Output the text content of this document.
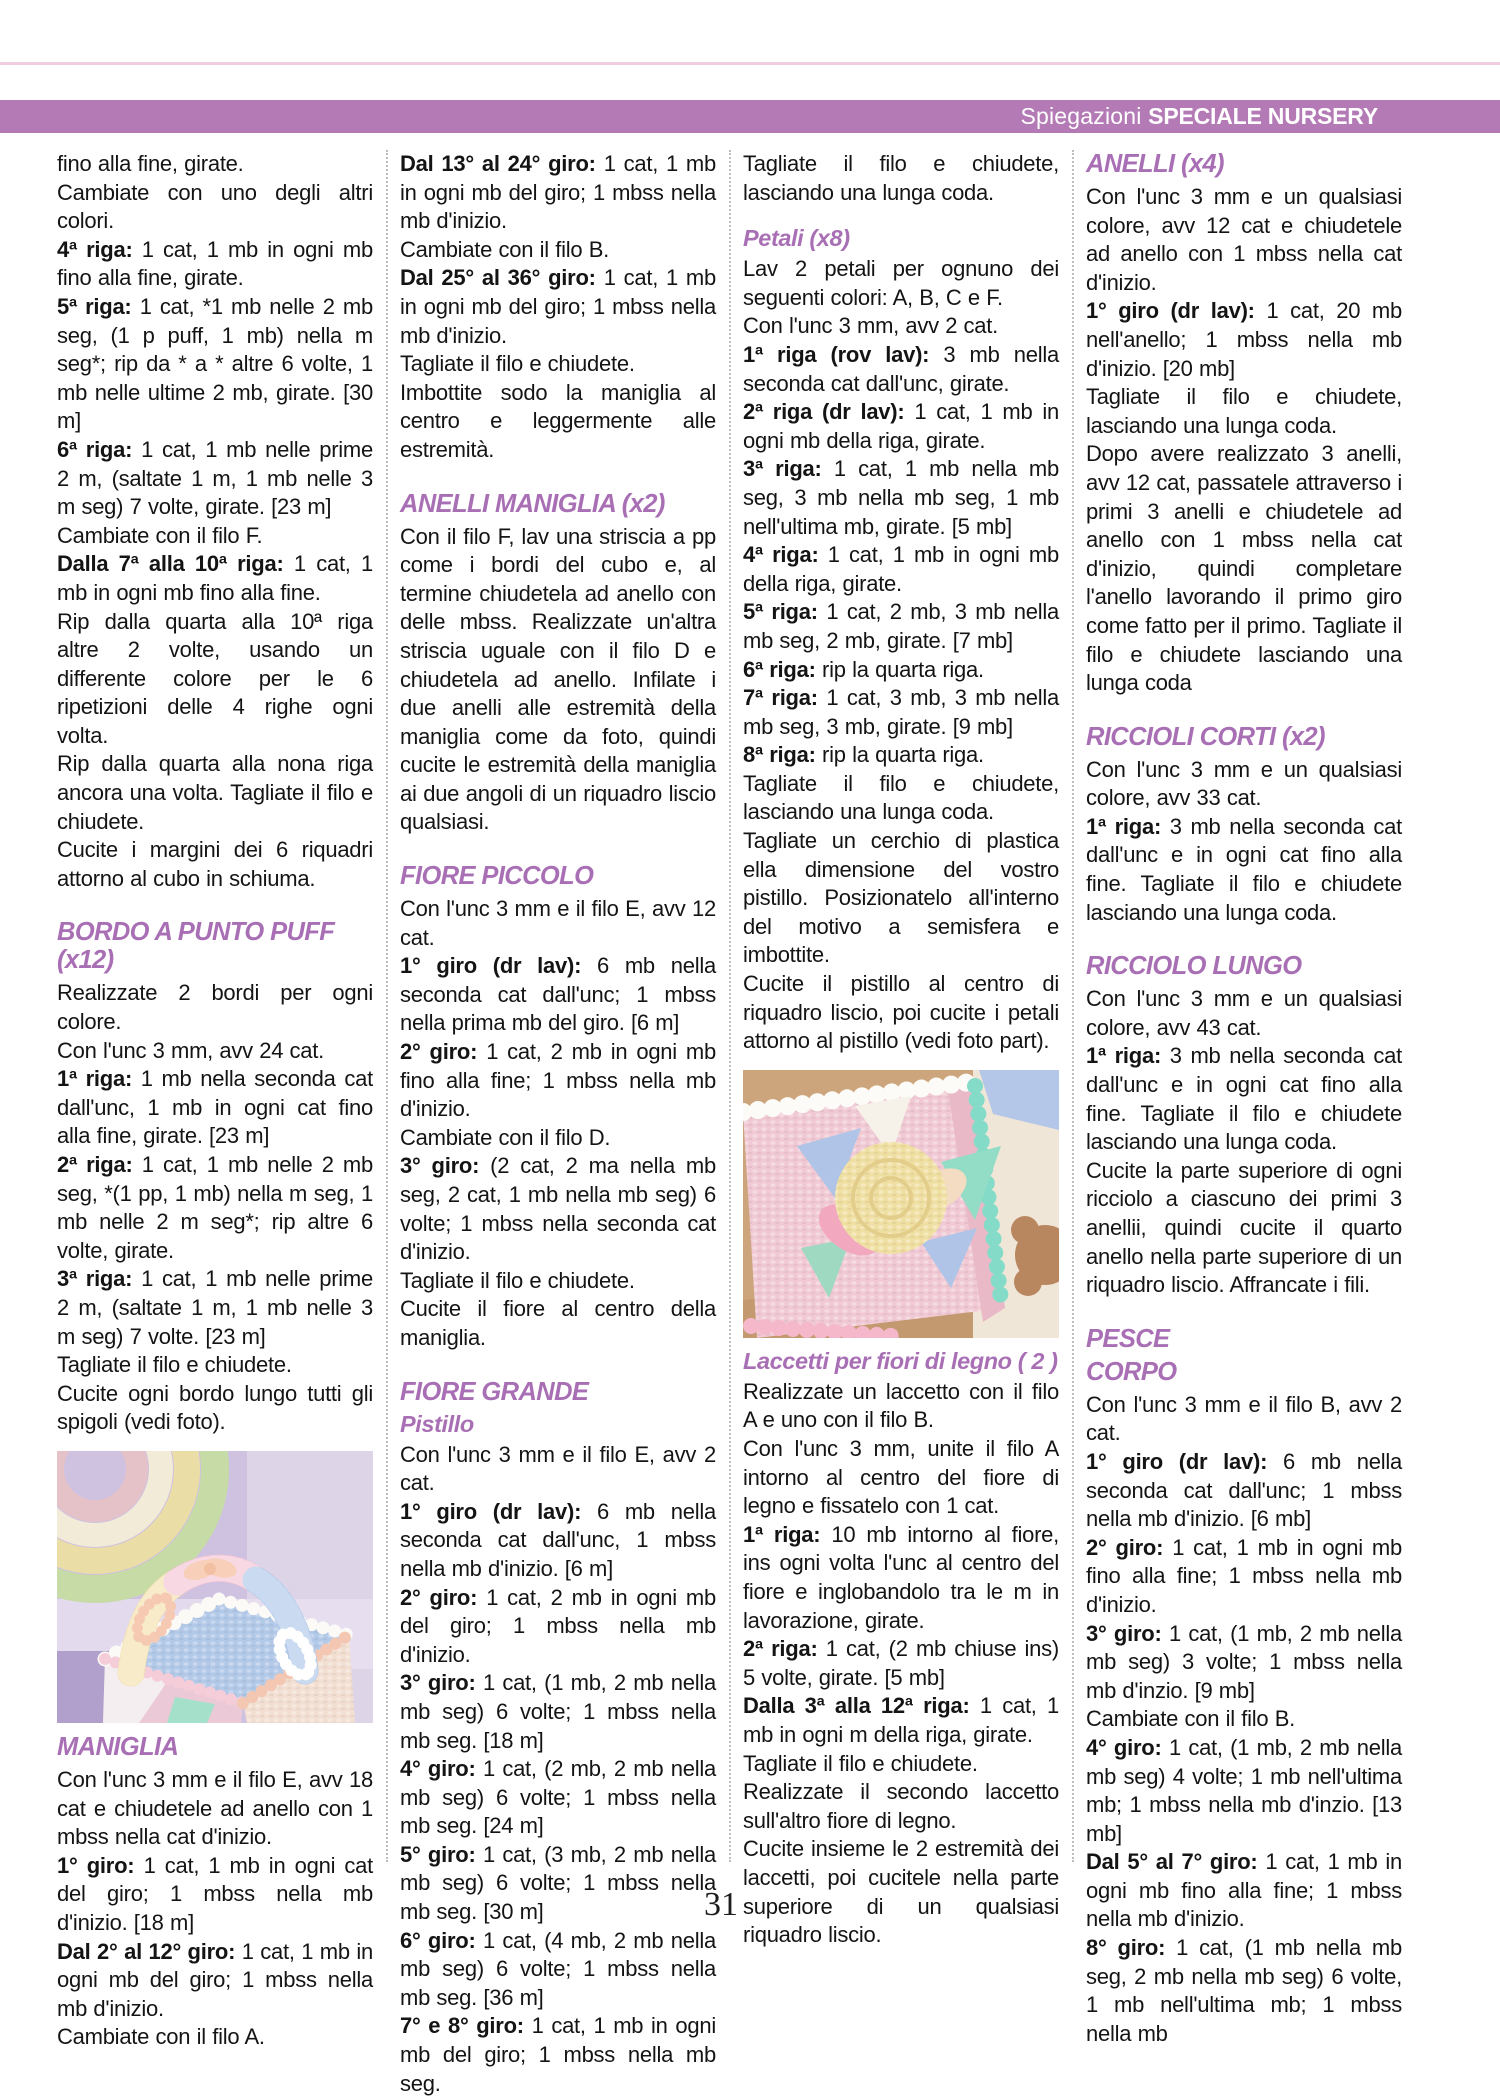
Spiegazioni SPECIALE NURSERY

fino alla fine, girate.

Cambiate con uno degli altri colori.

4ª riga: 1 cat, 1 mb in ogni mb fino alla fine, girate.

5ª riga: 1 cat, *1 mb nelle 2 mb seg, (1 p puff, 1 mb) nella m seg*; rip da * a * altre 6 volte, 1 mb nelle ultime 2 mb, girate. [30 m]

6ª riga: 1 cat, 1 mb nelle prime 2 m, (saltate 1 m, 1 mb nelle 3 m seg) 7 volte, girate. [23 m]

Cambiate con il filo F.

Dalla 7ª alla 10ª riga: 1 cat, 1 mb in ogni mb fino alla fine.

Rip dalla quarta alla 10ª riga altre 2 volte, usando un differente colore per le 6 ripetizioni delle 4 righe ogni volta.

Rip dalla quarta alla nona riga ancora una volta. Tagliate il filo e chiudete.

Cucite i margini dei 6 riquadri attorno al cubo in schiuma.

BORDO A PUNTO PUFF (x12)

Realizzate 2 bordi per ogni colore.

Con l'unc 3 mm, avv 24 cat.

1ª riga: 1 mb nella seconda cat dall'unc, 1 mb in ogni cat fino alla fine, girate. [23 m]

2ª riga: 1 cat, 1 mb nelle 2 mb seg, *(1 pp, 1 mb) nella m seg, 1 mb nelle 2 m seg*; rip altre 6 volte, girate.

3ª riga: 1 cat, 1 mb nelle prime 2 m, (saltate 1 m, 1 mb nelle 3 m seg) 7 volte. [23 m]

Tagliate il filo e chiudete.

Cucite ogni bordo lungo tutti gli spigoli (vedi foto).

MANIGLIA

Con l'unc 3 mm e il filo E, avv 18 cat e chiudetele ad anello con 1 mbss nella cat d'inizio.

1° giro: 1 cat, 1 mb in ogni cat del giro; 1 mbss nella mb d'inizio. [18 m]

Dal 2° al 12° giro: 1 cat, 1 mb in ogni mb del giro; 1 mbss nella mb d'inizio.

Cambiate con il filo A.

Dal 13° al 24° giro: 1 cat, 1 mb in ogni mb del giro; 1 mbss nella mb d'inizio.

Cambiate con il filo B.

Dal 25° al 36° giro: 1 cat, 1 mb in ogni mb del giro; 1 mbss nella mb d'inizio.

Tagliate il filo e chiudete.

Imbottite sodo la maniglia al centro e leggermente alle estremità.

ANELLI MANIGLIA (x2)

Con il filo F, lav una striscia a pp come i bordi del cubo e, al termine chiudetela ad anello con delle mbss. Realizzate un'altra striscia uguale con il filo D e chiudetela ad anello. Infilate i due anelli alle estremità della maniglia come da foto, quindi cucite le estremità della maniglia ai due angoli di un riquadro liscio qualsiasi.

FIORE PICCOLO

Con l'unc 3 mm e il filo E, avv 12 cat.

1° giro (dr lav): 6 mb nella seconda cat dall'unc; 1 mbss nella prima mb del giro. [6 m]

2° giro: 1 cat, 2 mb in ogni mb fino alla fine; 1 mbss nella mb d'inizio.

Cambiate con il filo D.

3° giro: (2 cat, 2 ma nella mb seg, 2 cat, 1 mb nella mb seg) 6 volte; 1 mbss nella seconda cat d'inizio.

Tagliate il filo e chiudete.

Cucite il fiore al centro della maniglia.

FIORE GRANDE
Pistillo

Con l'unc 3 mm e il filo E, avv 2 cat.

1° giro (dr lav): 6 mb nella seconda cat dall'unc, 1 mbss nella mb d'inizio. [6 m]

2° giro: 1 cat, 2 mb in ogni mb del giro; 1 mbss nella mb d'inizio.

3° giro: 1 cat, (1 mb, 2 mb nella mb seg) 6 volte; 1 mbss nella mb seg. [18 m]

4° giro: 1 cat, (2 mb, 2 mb nella mb seg) 6 volte; 1 mbss nella mb seg. [24 m]

5° giro: 1 cat, (3 mb, 2 mb nella mb seg) 6 volte; 1 mbss nella mb seg. [30 m]

6° giro: 1 cat, (4 mb, 2 mb nella mb seg) 6 volte; 1 mbss nella mb seg. [36 m]

7° e 8° giro: 1 cat, 1 mb in ogni mb del giro; 1 mbss nella mb seg.

Tagliate il filo e chiudete, lasciando una lunga coda.

Petali (x8)

Lav 2 petali per ognuno dei seguenti colori: A, B, C e F.

Con l'unc 3 mm, avv 2 cat.

1ª riga (rov lav): 3 mb nella seconda cat dall'unc, girate.

2ª riga (dr lav): 1 cat, 1 mb in ogni mb della riga, girate.

3ª riga: 1 cat, 1 mb nella mb seg, 3 mb nella mb seg, 1 mb nell'ultima mb, girate. [5 mb]

4ª riga: 1 cat, 1 mb in ogni mb della riga, girate.

5ª riga: 1 cat, 2 mb, 3 mb nella mb seg, 2 mb, girate. [7 mb]

6ª riga: rip la quarta riga.

7ª riga: 1 cat, 3 mb, 3 mb nella mb seg, 3 mb, girate. [9 mb]

8ª riga: rip la quarta riga.

Tagliate il filo e chiudete, lasciando una lunga coda.

Tagliate un cerchio di plastica ella dimensione del vostro pistillo. Posizionatelo all'interno del motivo a semisfera e imbottite.

Cucite il pistillo al centro di riquadro liscio, poi cucite i petali attorno al pistillo (vedi foto part).

Laccetti per fiori di legno ( 2 )

Realizzate un laccetto con il filo A e uno con il filo B.

Con l'unc 3 mm, unite il filo A intorno al centro del fiore di legno e fissatelo con 1 cat.

1ª riga: 10 mb intorno al fiore, ins ogni volta l'unc al centro del fiore e inglobandolo tra le m in lavorazione, girate.

2ª riga: 1 cat, (2 mb chiuse ins) 5 volte, girate. [5 mb]

Dalla 3ª alla 12ª riga: 1 cat, 1 mb in ogni m della riga, girate.

Tagliate il filo e chiudete.

Realizzate il secondo laccetto sull'altro fiore di legno.

Cucite insieme le 2 estremità dei laccetti, poi cucitele nella parte superiore di un qualsiasi riquadro liscio.

ANELLI (x4)

Con l'unc 3 mm e un qualsiasi colore, avv 12 cat e chiudetele ad anello con 1 mbss nella cat d'inizio.

1° giro (dr lav): 1 cat, 20 mb nell'anello; 1 mbss nella mb d'inizio. [20 mb]

Tagliate il filo e chiudete, lasciando una lunga coda.

Dopo avere realizzato 3 anelli, avv 12 cat, passatele attraverso i primi 3 anelli e chiudetele ad anello con 1 mbss nella cat d'inizio, quindi completare l'anello lavorando il primo giro come fatto per il primo. Tagliate il filo e chiudete lasciando una lunga coda

RICCIOLI CORTI (x2)

Con l'unc 3 mm e un qualsiasi colore, avv 33 cat.

1ª riga: 3 mb nella seconda cat dall'unc e in ogni cat fino alla fine. Tagliate il filo e chiudete lasciando una lunga coda.

RICCIOLO LUNGO

Con l'unc 3 mm e un qualsiasi colore, avv 43 cat.

1ª riga: 3 mb nella seconda cat dall'unc e in ogni cat fino alla fine. Tagliate il filo e chiudete lasciando una lunga coda.

Cucite la parte superiore di ogni ricciolo a ciascuno dei primi 3 anellii, quindi cucite il quarto anello nella parte superiore di un riquadro liscio. Affrancate i fili.

PESCE
CORPO

Con l'unc 3 mm e il filo B, avv 2 cat.

1° giro (dr lav): 6 mb nella seconda cat dall'unc; 1 mbss nella mb d'inizio. [6 mb]

2° giro: 1 cat, 1 mb in ogni mb fino alla fine; 1 mbss nella mb d'inizio.

3° giro: 1 cat, (1 mb, 2 mb nella mb seg) 3 volte; 1 mbss nella mb d'inzio. [9 mb]

Cambiate con il filo B.

4° giro: 1 cat, (1 mb, 2 mb nella mb seg) 4 volte; 1 mb nell'ultima mb; 1 mbss nella mb d'inzio. [13 mb]

Dal 5° al 7° giro: 1 cat, 1 mb in ogni mb fino alla fine; 1 mbss nella mb d'inizio.

8° giro: 1 cat, (1 mb nella mb seg, 2 mb nella mb seg) 6 volte, 1 mb nell'ultima mb; 1 mbss nella mb

31
